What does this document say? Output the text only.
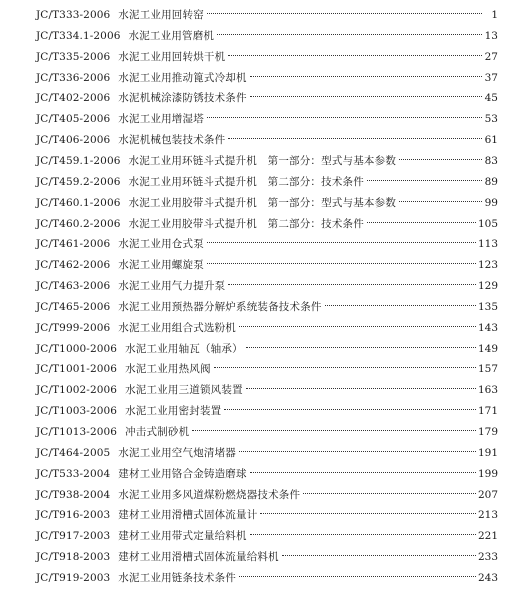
JC/T333-2006 水泥工业用回转窑	1
JC/T334.1-2006 水泥工业用管磨机	13
JC/T335-2006 水泥工业用回转烘干机	27
JC/T336-2006 水泥工业用推动篦式冷却机	37
JC/T402-2006 水泥机械涂漆防锈技术条件	45
JC/T405-2006 水泥工业用增湿塔	53
JC/T406-2006 水泥机械包装技术条件	61
JC/T459.1-2006 水泥工业用环链斗式提升机　第一部分：型式与基本参数	83
JC/T459.2-2006 水泥工业用环链斗式提升机　第二部分：技术条件	89
JC/T460.1-2006 水泥工业用胶带斗式提升机　第一部分：型式与基本参数	99
JC/T460.2-2006 水泥工业用胶带斗式提升机　第二部分：技术条件	105
JC/T461-2006 水泥工业用仓式泵	113
JC/T462-2006 水泥工业用螺旋泵	123
JC/T463-2006 水泥工业用气力提升泵	129
JC/T465-2006 水泥工业用预热器分解炉系统装备技术条件	135
JC/T999-2006 水泥工业用组合式选粉机	143
JC/T1000-2006 水泥工业用轴瓦（轴承）	149
JC/T1001-2006 水泥工业用热风阀	157
JC/T1002-2006 水泥工业用三道锁风装置	163
JC/T1003-2006 水泥工业用密封装置	171
JC/T1013-2006 冲击式制砂机	179
JC/T464-2005 水泥工业用空气炮清堵器	191
JC/T533-2004 建材工业用铬合金铸造磨球	199
JC/T938-2004 水泥工业用多风道煤粉燃烧器技术条件	207
JC/T916-2003 建材工业用滑槽式固体流量计	213
JC/T917-2003 建材工业用带式定量给料机	221
JC/T918-2003 建材工业用滑槽式固体流量给料机	233
JC/T919-2003 水泥工业用链条技术条件	243
